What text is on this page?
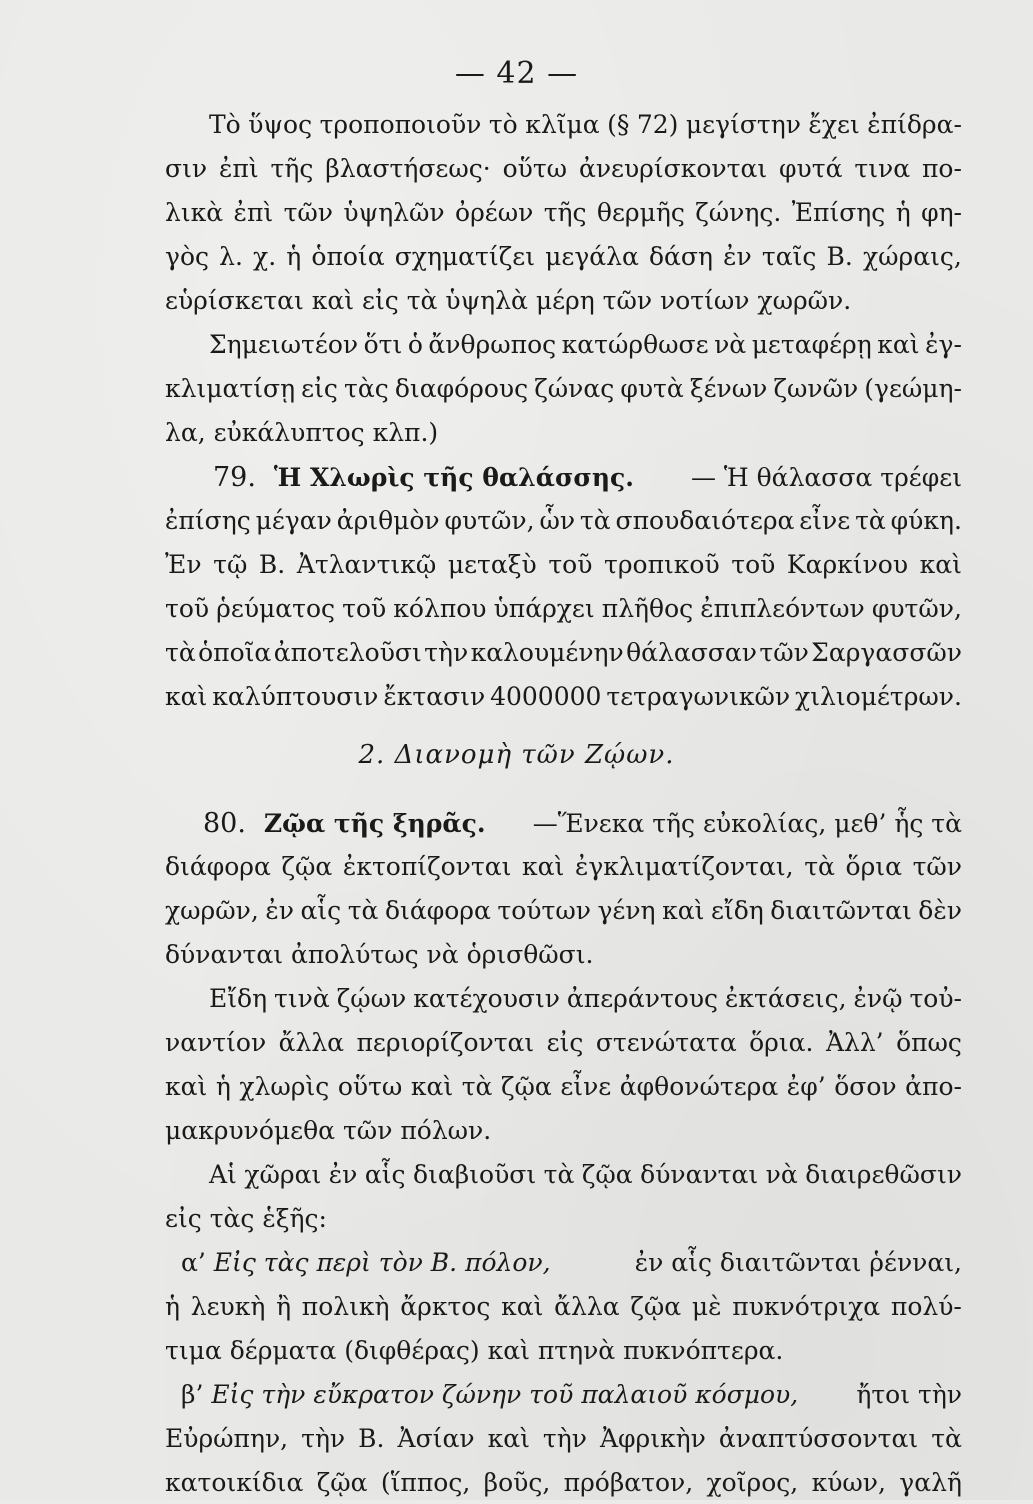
— 42 —
Τὸ ὕψος τροποποιοῦν τὸ κλῖμα (§ 72) μεγίστην ἔχει ἐπίδρα-
σιν ἐπὶ τῆς βλαστήσεως· οὕτω ἀνευρίσκονται φυτά τινα πο-
λικὰ ἐπὶ τῶν ὑψηλῶν ὀρέων τῆς θερμῆς ζώνης. Ἐπίσης ἡ φη-
γὸς λ. χ. ἡ ὁποία σχηματίζει μεγάλα δάση ἐν ταῖς Β. χώραις,
εὑρίσκεται καὶ εἰς τὰ ὑψηλὰ μέρη τῶν νοτίων χωρῶν.
Σημειωτέον ὅτι ὁ ἄνθρωπος κατώρθωσε νὰ μεταφέρῃ καὶ ἐγ-
κλιματίσῃ εἰς τὰς διαφόρους ζώνας φυτὰ ξένων ζωνῶν (γεώμη-
λα, εὐκάλυπτος κλπ.)
79. Ἡ Χλωρὶς τῆς θαλάσσης. — Ἡ θάλασσα τρέφει
ἐπίσης μέγαν ἀριθμὸν φυτῶν, ὧν τὰ σπουδαιότερα εἶνε τὰ φύκη.
Ἐν τῷ Β. Ἀτλαντικῷ μεταξὺ τοῦ τροπικοῦ τοῦ Καρκίνου καὶ
τοῦ ῥεύματος τοῦ κόλπου ὑπάρχει πλῆθος ἐπιπλεόντων φυτῶν,
τὰ ὁποῖα ἀποτελοῦσι τὴν καλουμένην θάλασσαν τῶν Σαργασσῶν
καὶ καλύπτουσιν ἔκτασιν 4000000 τετραγωνικῶν χιλιομέτρων.
2. Διανομὴ τῶν Ζῴων.
80. Ζῷα τῆς ξηρᾶς. —Ἕνεκα τῆς εὐκολίας, μεθ’ ἧς τὰ
διάφορα ζῷα ἐκτοπίζονται καὶ ἐγκλιματίζονται, τὰ ὅρια τῶν
χωρῶν, ἐν αἷς τὰ διάφορα τούτων γένη καὶ εἴδη διαιτῶνται δὲν
δύνανται ἀπολύτως νὰ ὁρισθῶσι.
Εἴδη τινὰ ζῴων κατέχουσιν ἀπεράντους ἐκτάσεις, ἐνῷ τοὐ-
ναντίον ἄλλα περιορίζονται εἰς στενώτατα ὅρια. Ἀλλ’ ὅπως
καὶ ἡ χλωρὶς οὕτω καὶ τὰ ζῷα εἶνε ἀφθονώτερα ἐφ’ ὅσον ἀπο-
μακρυνόμεθα τῶν πόλων.
Αἱ χῶραι ἐν αἷς διαβιοῦσι τὰ ζῷα δύνανται νὰ διαιρεθῶσιν
εἰς τὰς ἑξῆς:
α’ Εἰς τὰς περὶ τὸν Β. πόλον,	ἐν αἷς διαιτῶνται ῥένναι,
ἡ λευκὴ ἢ πολικὴ ἄρκτος καὶ ἄλλα ζῷα μὲ πυκνότριχα πολύ-
τιμα δέρματα (διφθέρας) καὶ πτηνὰ πυκνόπτερα.
β’ Εἰς τὴν εὔκρατον ζώνην τοῦ παλαιοῦ κόσμου, ἤτοι τὴν
Εὐρώπην, τὴν Β. Ἀσίαν καὶ τὴν Ἀφρικὴν ἀναπτύσσονται τὰ
κατοικίδια ζῷα (ἵππος, βοῦς, πρόβατον, χοῖρος, κύων, γαλῆ
